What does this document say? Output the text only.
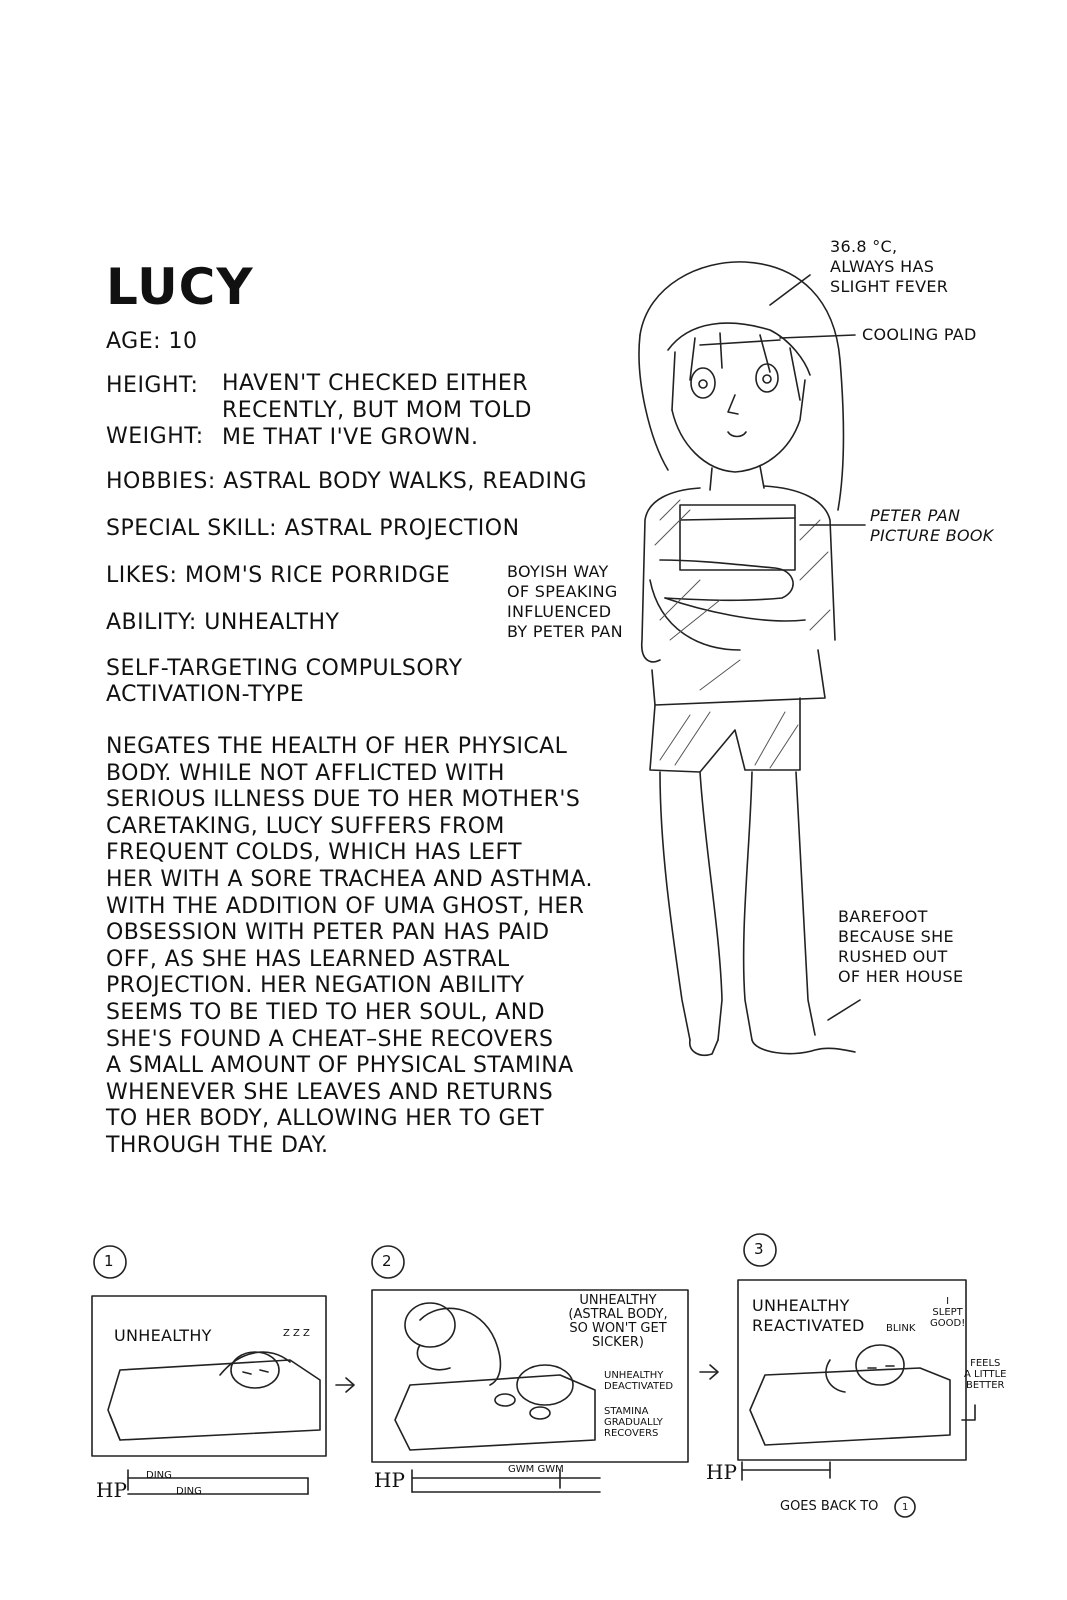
LUCY
AGE: 10
HEIGHT:
WEIGHT:
HAVEN'T CHECKED EITHER
RECENTLY, BUT MOM TOLD
ME THAT I'VE GROWN.
HOBBIES: ASTRAL BODY WALKS, READING
SPECIAL SKILL: ASTRAL PROJECTION
LIKES: MOM'S RICE PORRIDGE
ABILITY: UNHEALTHY
SELF-TARGETING COMPULSORY
ACTIVATION-TYPE
NEGATES THE HEALTH OF HER PHYSICAL
BODY. WHILE NOT AFFLICTED WITH
SERIOUS ILLNESS DUE TO HER MOTHER'S
CARETAKING, LUCY SUFFERS FROM
FREQUENT COLDS, WHICH HAS LEFT
HER WITH A SORE TRACHEA AND ASTHMA.
WITH THE ADDITION OF UMA GHOST, HER
OBSESSION WITH PETER PAN HAS PAID
OFF, AS SHE HAS LEARNED ASTRAL
PROJECTION. HER NEGATION ABILITY
SEEMS TO BE TIED TO HER SOUL, AND
SHE'S FOUND A CHEAT–SHE RECOVERS
A SMALL AMOUNT OF PHYSICAL STAMINA
WHENEVER SHE LEAVES AND RETURNS
TO HER BODY, ALLOWING HER TO GET
THROUGH THE DAY.
36.8 °C,
ALWAYS HAS
SLIGHT FEVER
COOLING PAD
PETER PAN
PICTURE BOOK
BOYISH WAY
OF SPEAKING
INFLUENCED
BY PETER PAN
BAREFOOT
BECAUSE SHE
RUSHED OUT
OF HER HOUSE
1
UNHEALTHY	Z Z Z
HP
DING
DING
2
UNHEALTHY
(ASTRAL BODY,
SO WON'T GET
SICKER)
UNHEALTHY
DEACTIVATED
STAMINA
GRADUALLY
RECOVERS
HP	GWM GWM
3
UNHEALTHY
REACTIVATED BLINK
I
SLEPT
GOOD!
FEELS
A LITTLE
BETTER
HP
GOES BACK TO 1
